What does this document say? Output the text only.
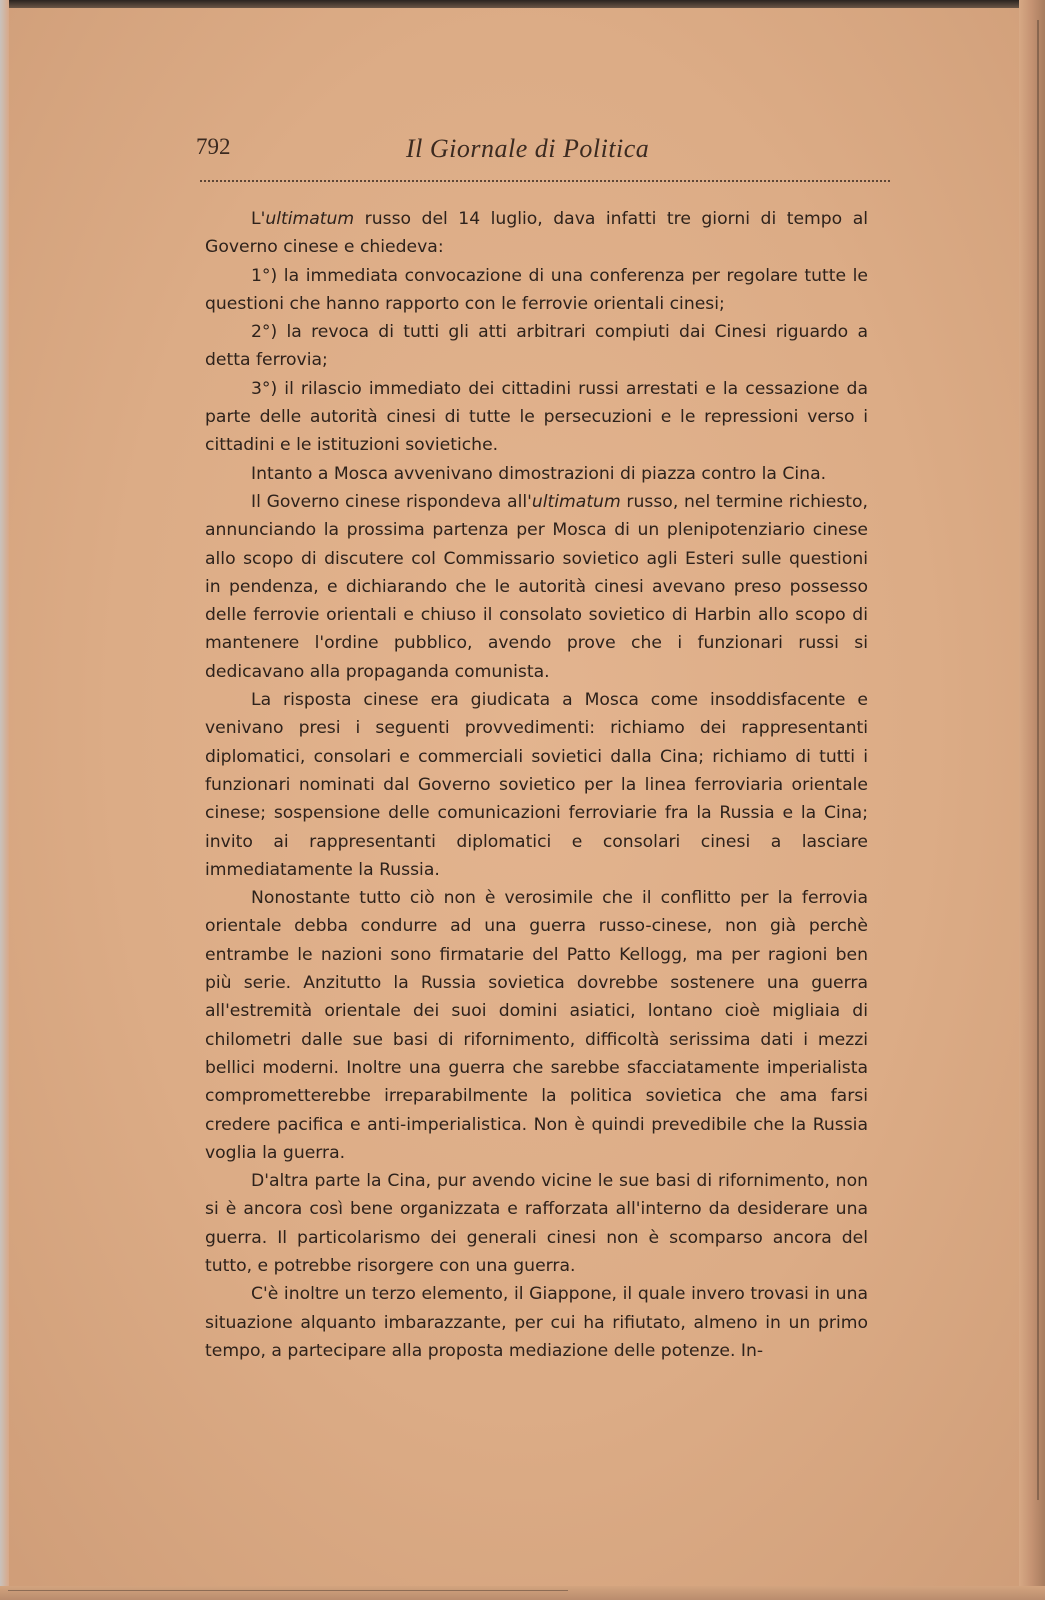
792	Il Giornale di Politica

L'ultimatum russo del 14 luglio, dava infatti tre giorni di tempo al Governo cinese e chiedeva:

1°) la immediata convocazione di una conferenza per regolare tutte le questioni che hanno rapporto con le ferrovie orientali cinesi;

2°) la revoca di tutti gli atti arbitrari compiuti dai Cinesi riguardo a detta ferrovia;

3°) il rilascio immediato dei cittadini russi arrestati e la cessazione da parte delle autorità cinesi di tutte le persecuzioni e le repressioni verso i cittadini e le istituzioni sovietiche.

Intanto a Mosca avvenivano dimostrazioni di piazza contro la Cina.

Il Governo cinese rispondeva all'ultimatum russo, nel termine richiesto, annunciando la prossima partenza per Mosca di un plenipotenziario cinese allo scopo di discutere col Commissario sovietico agli Esteri sulle questioni in pendenza, e dichiarando che le autorità cinesi avevano preso possesso delle ferrovie orientali e chiuso il consolato sovietico di Harbin allo scopo di mantenere l'ordine pubblico, avendo prove che i funzionari russi si dedicavano alla propaganda comunista.

La risposta cinese era giudicata a Mosca come insoddisfacente e venivano presi i seguenti provvedimenti: richiamo dei rappresentanti diplomatici, consolari e commerciali sovietici dalla Cina; richiamo di tutti i funzionari nominati dal Governo sovietico per la linea ferroviaria orientale cinese; sospensione delle comunicazioni ferroviarie fra la Russia e la Cina; invito ai rappresentanti diplomatici e consolari cinesi a lasciare immediatamente la Russia.

Nonostante tutto ciò non è verosimile che il conflitto per la ferrovia orientale debba condurre ad una guerra russo-cinese, non già perchè entrambe le nazioni sono firmatarie del Patto Kellogg, ma per ragioni ben più serie. Anzitutto la Russia sovietica dovrebbe sostenere una guerra all'estremità orientale dei suoi domini asiatici, lontano cioè migliaia di chilometri dalle sue basi di rifornimento, difficoltà serissima dati i mezzi bellici moderni. Inoltre una guerra che sarebbe sfacciatamente imperialista comprometterebbe irreparabilmente la politica sovietica che ama farsi credere pacifica e anti-imperialistica. Non è quindi prevedibile che la Russia voglia la guerra.

D'altra parte la Cina, pur avendo vicine le sue basi di rifornimento, non si è ancora così bene organizzata e rafforzata all'interno da desiderare una guerra. Il particolarismo dei generali cinesi non è scomparso ancora del tutto, e potrebbe risorgere con una guerra.

C'è inoltre un terzo elemento, il Giappone, il quale invero trovasi in una situazione alquanto imbarazzante, per cui ha rifiutato, almeno in un primo tempo, a partecipare alla proposta mediazione delle potenze. In-
